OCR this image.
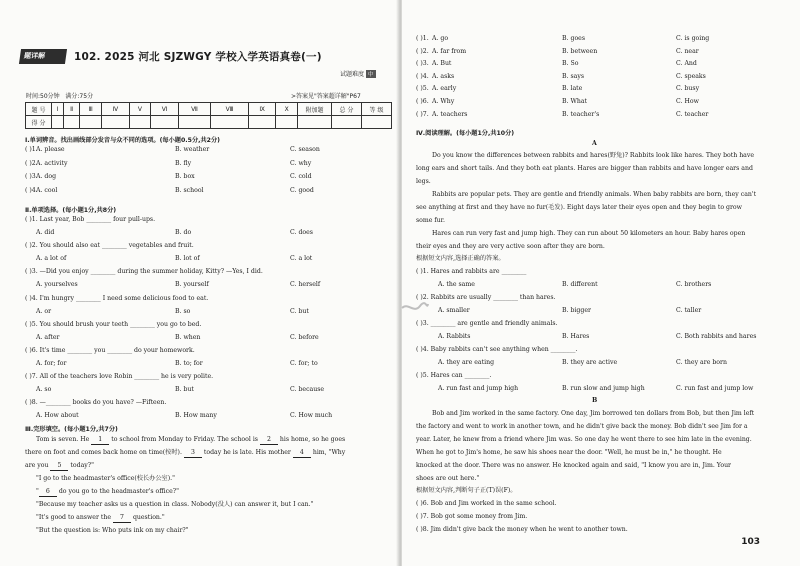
题详解	102. 2025 河北 SJZWGY 学校入学英语真卷(一)
试题难度 中
时间:50分钟 满分:75分	>答案见"答案超详解"P67
题 号	Ⅰ	Ⅱ	Ⅲ	Ⅳ	Ⅴ	Ⅵ	Ⅶ	Ⅷ	Ⅸ	Ⅹ	附加题	总 分	等 级
得 分													
Ⅰ.单词辨音。找出画线部分发音与众不同的选项。(每小题0.5分,共2分)
( )1.
A. please	B. weather	C. season
( )2.
A. activity	B. fly	C. why
( )3.
A. dog	B. box	C. cold
( )4.
A. cool	B. school	C. good
Ⅱ.单项选择。(每小题1分,共8分)
( )1. Last year, Bob ________ four pull-ups.
A. did	B. do	C. does
( )2. You should also eat ________ vegetables and fruit.
A. a lot of	B. lot of	C. a lot
( )3. —Did you enjoy ________ during the summer holiday, Kitty? —Yes, I did.
A. yourselves	B. yourself	C. herself
( )4. I'm hungry ________ I need some delicious food to eat.
A. or	B. so	C. but
( )5. You should brush your teeth ________ you go to bed.
A. after	B. when	C. before
( )6. It's time ________ you ________ do your homework.
A. for; for	B. to; for	C. for; to
( )7. All of the teachers love Robin ________ he is very polite.
A. so	B. but	C. because
( )8. —________ books do you have? —Fifteen.
A. How about	B. How many	C. How much
Ⅲ.完形填空。(每小题1分,共7分)
Tom is seven. He 1 to school from Monday to Friday. The school is 2 his home, so he goes
there on foot and comes back home on time(按时). 3 today he is late. His mother 4 him, "Why
are you 5 today?"
"I go to the headmaster's office(校长办公室)."
" 6 do you go to the headmaster's office?"
"Because my teacher asks us a question in class. Nobody(没人) can answer it, but I can."
"It's good to answer the 7 question."
"But the question is: Who puts ink on my chair?"
( )1. A. go	B. goes	C. is going
( )2. A. far from	B. between	C. near
( )3. A. But	B. So	C. And
( )4. A. asks	B. says	C. speaks
( )5. A. early	B. late	C. busy
( )6. A. Why	B. What	C. How
( )7. A. teachers	B. teacher's	C. teacher
Ⅳ.阅读理解。(每小题1分,共10分)
A
Do you know the differences between rabbits and hares(野兔)? Rabbits look like hares. They both have
long ears and short tails. And they both eat plants. Hares are bigger than rabbits and have longer ears and
legs.
Rabbits are popular pets. They are gentle and friendly animals. When baby rabbits are born, they can't
see anything at first and they have no fur(毛发). Eight days later their eyes open and they begin to grow
some fur.
Hares can run very fast and jump high. They can run about 50 kilometers an hour. Baby hares open
their eyes and they are very active soon after they are born.
根据短文内容,选择正确的答案。
( )1. Hares and rabbits are ________
A. the same	B. different	C. brothers
( )2. Rabbits are usually ________ than hares.
A. smaller	B. bigger	C. taller
( )3. ________ are gentle and friendly animals.
A. Rabbits	B. Hares	C. Both rabbits and hares
( )4. Baby rabbits can't see anything when ________.
A. they are eating	B. they are active	C. they are born
( )5. Hares can ________.
A. run fast and jump high	B. run slow and jump high	C. run fast and jump low
B
Bob and Jim worked in the same factory. One day, Jim borrowed ten dollars from Bob, but then Jim left
the factory and went to work in another town, and he didn't give back the money. Bob didn't see Jim for a
year. Later, he knew from a friend where Jim was. So one day he went there to see him late in the evening.
When he got to Jim's home, he saw his shoes near the door. "Well, he must be in," he thought. He
knocked at the door. There was no answer. He knocked again and said, "I know you are in, Jim. Your
shoes are out here."
根据短文内容,判断句子正(T)误(F)。
( )6. Bob and Jim worked in the same school.
( )7. Bob got some money from Jim.
( )8. Jim didn't give back the money when he went to another town.
103
